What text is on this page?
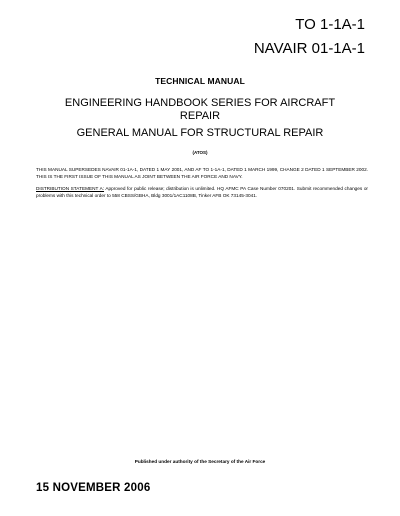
TO 1-1A-1
NAVAIR 01-1A-1
TECHNICAL MANUAL
ENGINEERING HANDBOOK SERIES FOR AIRCRAFT REPAIR
GENERAL MANUAL FOR STRUCTURAL REPAIR
(ATOS)
THIS MANUAL SUPERSEDES NAVAIR 01-1A-1, DATED 1 MAY 2001, AND AF TO 1-1A-1, DATED 1 MARCH 1999, CHANGE 2 DATED 1 SEPTEMBER 2002. THIS IS THE FIRST ISSUE OF THIS MANUAL AS JOINT BETWEEN THE AIR FORCE AND NAVY.
DISTRIBUTION STATEMENT A: Approved for public release; distribution is unlimited. HQ AFMC PA Case Number 070201. Submit recommended changes or problems with this technical order to 558 CBSS/GBHA, Bldg 3001/1AC1108B, Tinker AFB OK 73145-3041.
Published under authority of the Secretary of the Air Force
15 NOVEMBER 2006
